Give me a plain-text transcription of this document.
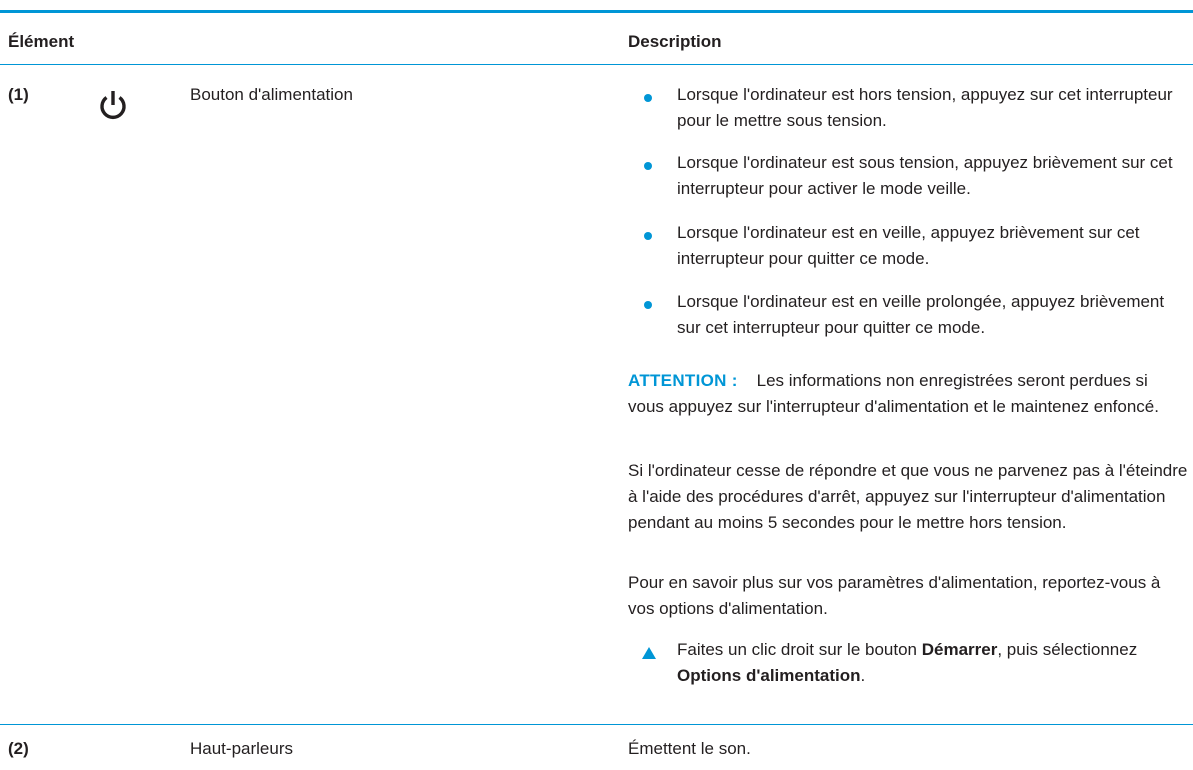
Élément	Description
(1)	Bouton d'alimentation	Lorsque l'ordinateur est hors tension, appuyez sur cet interrupteur pour le mettre sous tension.
Lorsque l'ordinateur est sous tension, appuyez brièvement sur cet interrupteur pour activer le mode veille.
Lorsque l'ordinateur est en veille, appuyez brièvement sur cet interrupteur pour quitter ce mode.
Lorsque l'ordinateur est en veille prolongée, appuyez brièvement sur cet interrupteur pour quitter ce mode.
ATTENTION : Les informations non enregistrées seront perdues si vous appuyez sur l'interrupteur d'alimentation et le maintenez enfoncé.
Si l'ordinateur cesse de répondre et que vous ne parvenez pas à l'éteindre à l'aide des procédures d'arrêt, appuyez sur l'interrupteur d'alimentation pendant au moins 5 secondes pour le mettre hors tension.
Pour en savoir plus sur vos paramètres d'alimentation, reportez-vous à vos options d'alimentation.
Faites un clic droit sur le bouton Démarrer, puis sélectionnez Options d'alimentation.
(2)	Haut-parleurs	Émettent le son.
